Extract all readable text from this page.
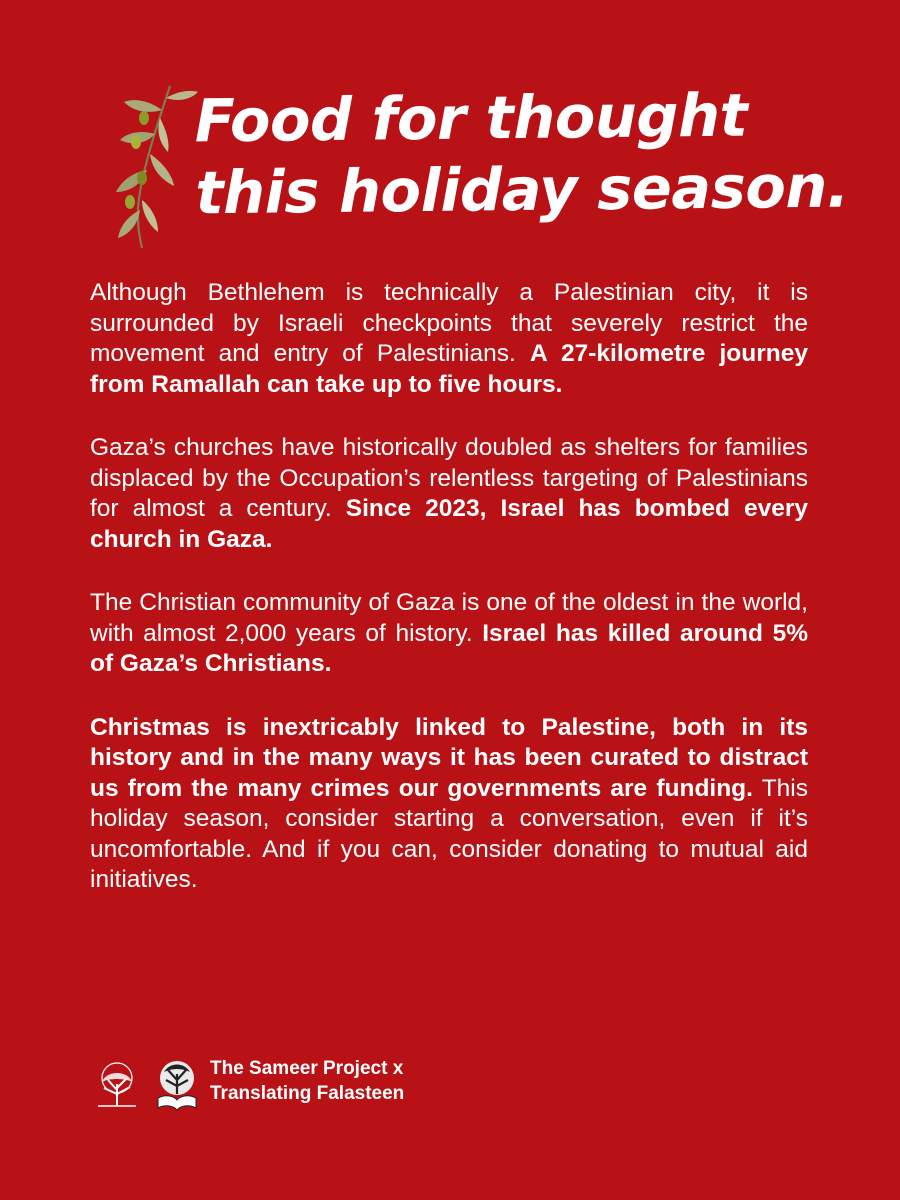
Food for thought
this holiday season.

Although Bethlehem is technically a Palestinian city, it is surrounded by Israeli checkpoints that severely restrict the movement and entry of Palestinians. A 27-kilometre journey from Ramallah can take up to five hours.

Gaza’s churches have historically doubled as shelters for families displaced by the Occupation’s relentless targeting of Palestinians for almost a century. Since 2023, Israel has bombed every church in Gaza.

The Christian community of Gaza is one of the oldest in the world, with almost 2,000 years of history. Israel has killed around 5% of Gaza’s Christians.

Christmas is inextricably linked to Palestine, both in its history and in the many ways it has been curated to distract us from the many crimes our governments are funding. This holiday season, consider starting a conversation, even if it’s uncomfortable. And if you can, consider donating to mutual aid initiatives.

The Sameer Project x
Translating Falasteen
